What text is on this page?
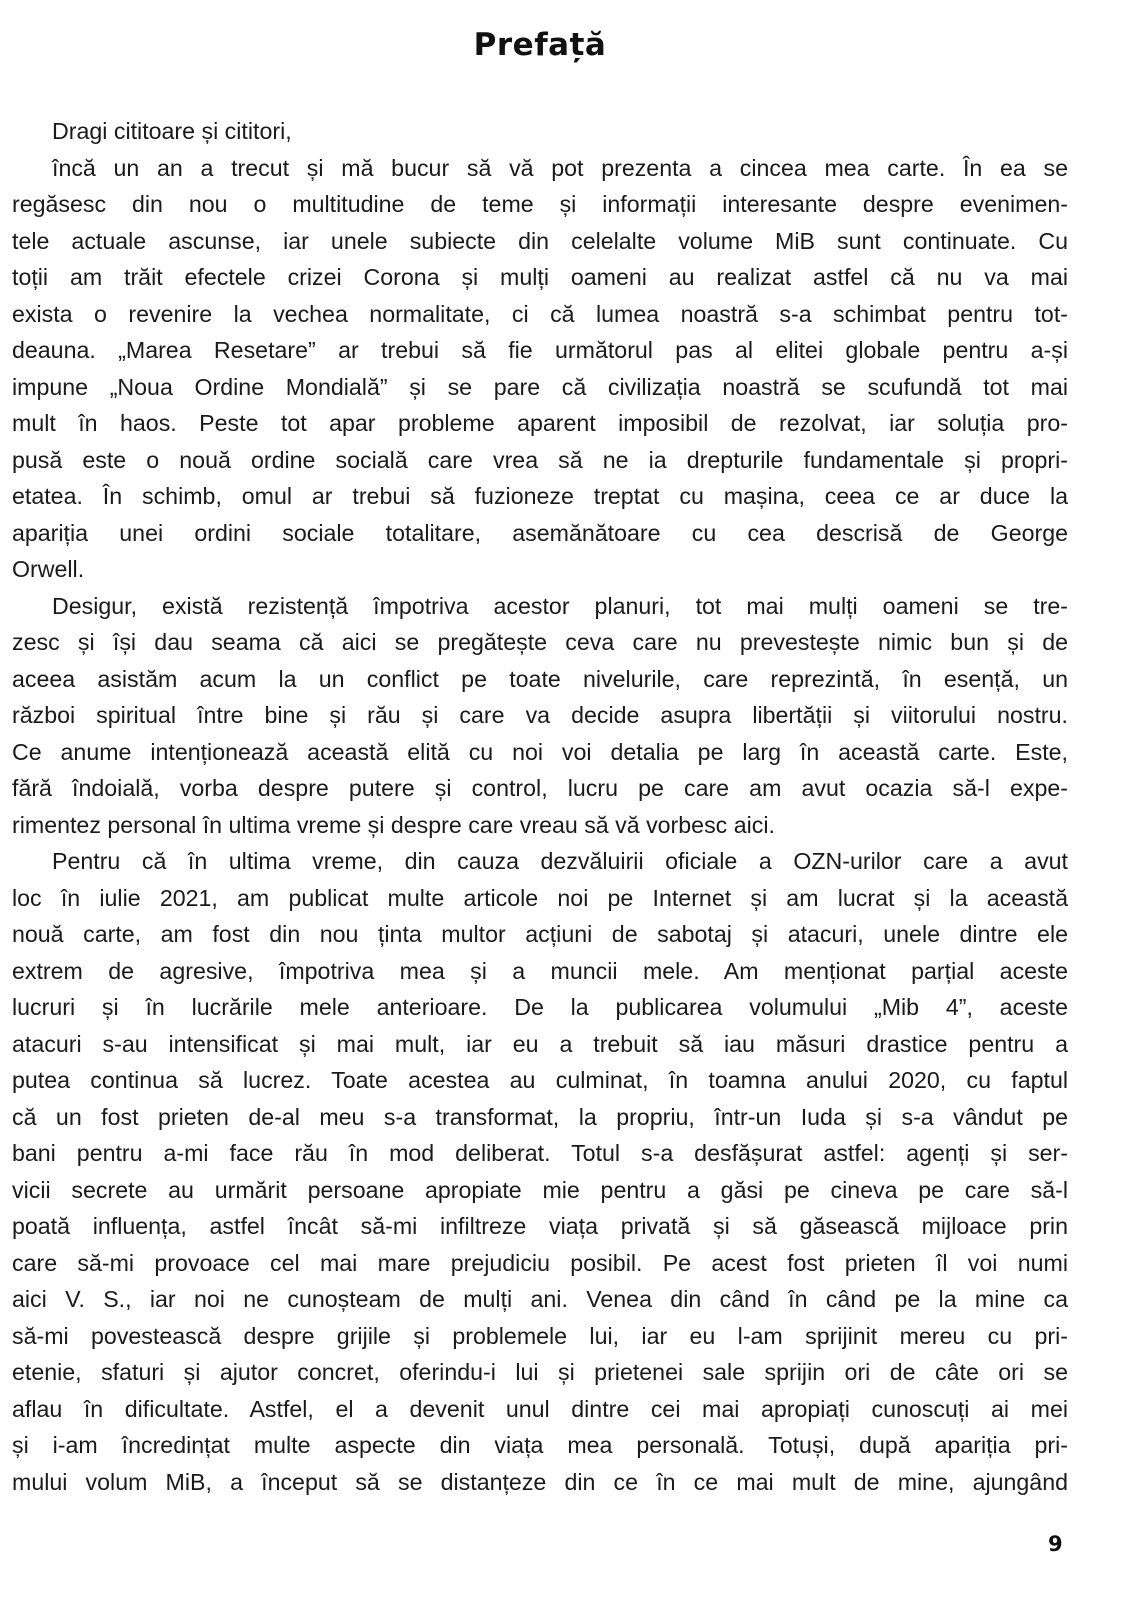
Prefață
Dragi cititoare și cititori,
încă un an a trecut și mă bucur să vă pot prezenta a cincea mea carte. În ea se
regăsesc din nou o multitudine de teme și informații interesante despre evenimen-
tele actuale ascunse, iar unele subiecte din celelalte volume MiB sunt continuate. Cu
toții am trăit efectele crizei Corona și mulți oameni au realizat astfel că nu va mai
exista o revenire la vechea normalitate, ci că lumea noastră s-a schimbat pentru tot-
deauna. „Marea Resetare” ar trebui să fie următorul pas al elitei globale pentru a-și
impune „Noua Ordine Mondială” și se pare că civilizația noastră se scufundă tot mai
mult în haos. Peste tot apar probleme aparent imposibil de rezolvat, iar soluția pro-
pusă este o nouă ordine socială care vrea să ne ia drepturile fundamentale și propri-
etatea. În schimb, omul ar trebui să fuzioneze treptat cu mașina, ceea ce ar duce la
apariția unei ordini sociale totalitare, asemănătoare cu cea descrisă de George
Orwell.
Desigur, există rezistență împotriva acestor planuri, tot mai mulți oameni se tre-
zesc și își dau seama că aici se pregătește ceva care nu prevestește nimic bun și de
aceea asistăm acum la un conflict pe toate nivelurile, care reprezintă, în esență, un
război spiritual între bine și rău și care va decide asupra libertății și viitorului nostru.
Ce anume intenționează această elită cu noi voi detalia pe larg în această carte. Este,
fără îndoială, vorba despre putere și control, lucru pe care am avut ocazia să-l expe-
rimentez personal în ultima vreme și despre care vreau să vă vorbesc aici.
Pentru că în ultima vreme, din cauza dezvăluirii oficiale a OZN-urilor care a avut
loc în iulie 2021, am publicat multe articole noi pe Internet și am lucrat și la această
nouă carte, am fost din nou ținta multor acțiuni de sabotaj și atacuri, unele dintre ele
extrem de agresive, împotriva mea și a muncii mele. Am menționat parțial aceste
lucruri și în lucrările mele anterioare. De la publicarea volumului „Mib 4”, aceste
atacuri s-au intensificat și mai mult, iar eu a trebuit să iau măsuri drastice pentru a
putea continua să lucrez. Toate acestea au culminat, în toamna anului 2020, cu faptul
că un fost prieten de-al meu s-a transformat, la propriu, într-un Iuda și s-a vândut pe
bani pentru a-mi face rău în mod deliberat. Totul s-a desfășurat astfel: agenți și ser-
vicii secrete au urmărit persoane apropiate mie pentru a găsi pe cineva pe care să-l
poată influența, astfel încât să-mi infiltreze viața privată și să găsească mijloace prin
care să-mi provoace cel mai mare prejudiciu posibil. Pe acest fost prieten îl voi numi
aici V. S., iar noi ne cunoșteam de mulți ani. Venea din când în când pe la mine ca
să-mi povestească despre grijile și problemele lui, iar eu l-am sprijinit mereu cu pri-
etenie, sfaturi și ajutor concret, oferindu-i lui și prietenei sale sprijin ori de câte ori se
aflau în dificultate. Astfel, el a devenit unul dintre cei mai apropiați cunoscuți ai mei
și i-am încredințat multe aspecte din viața mea personală. Totuși, după apariția pri-
mului volum MiB, a început să se distanțeze din ce în ce mai mult de mine, ajungând
9
